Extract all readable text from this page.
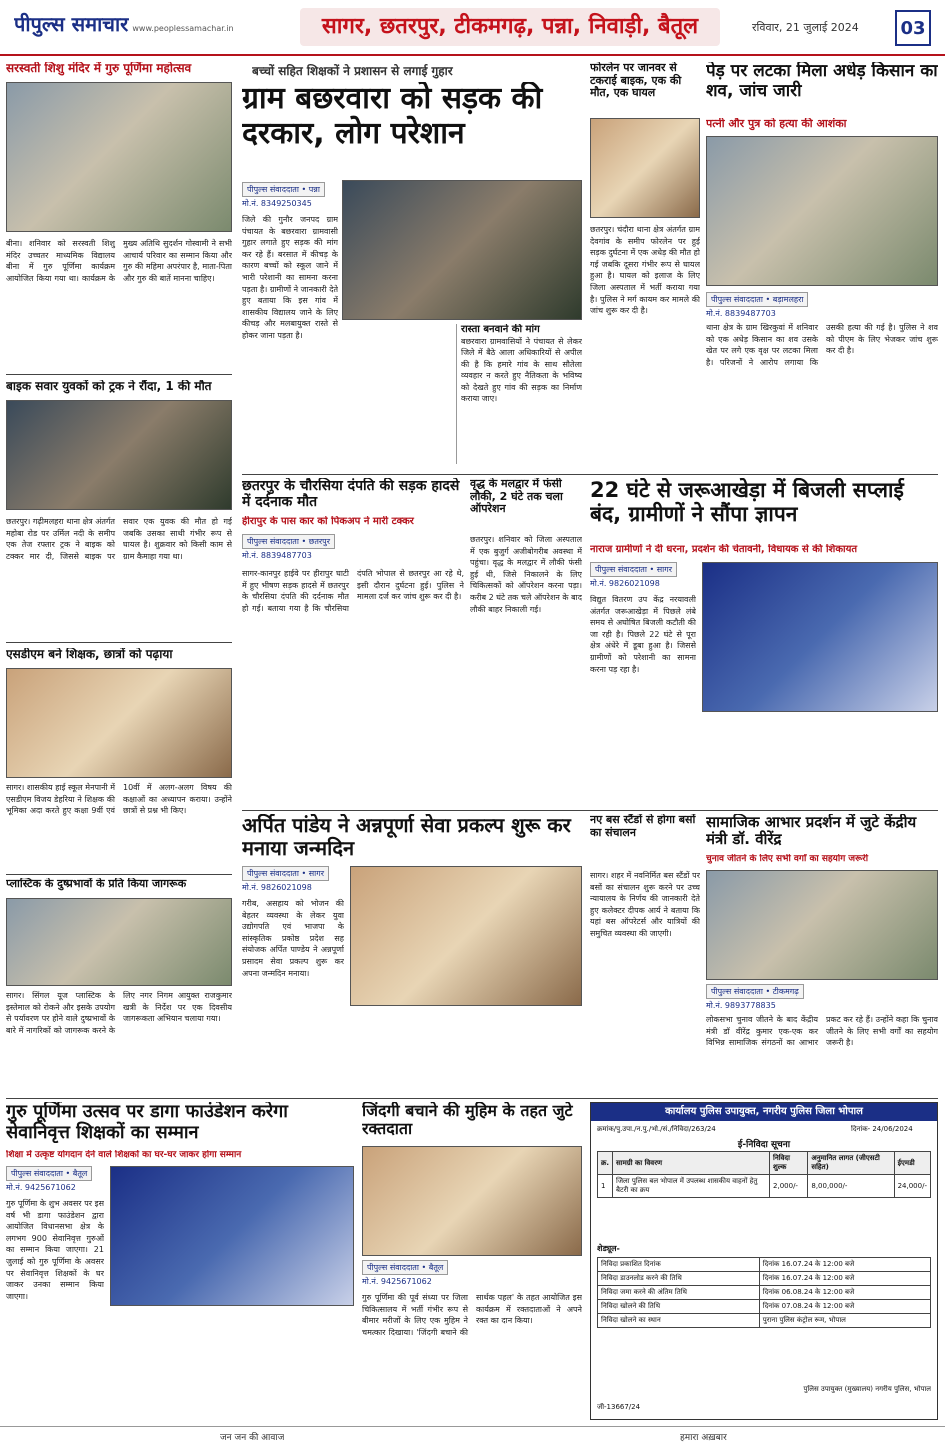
पीपुल्स समाचार www.peoplessamachar.in	सागर, छतरपुर, टीकमगढ़, पन्ना, निवाड़ी, बैतूल	रविवार, 21 जुलाई 2024	03
सरस्वती शिशु मंदिर में गुरु पूर्णिमा महोत्सव
बीना। शनिवार को सरस्वती शिशु मंदिर उच्चतर माध्यमिक विद्यालय बीना में गुरु पूर्णिमा कार्यक्रम आयोजित किया गया था। कार्यक्रम के मुख्य अतिथि सुदर्शन गोस्वामी ने सभी आचार्य परिवार का सम्मान किया और गुरु की महिमा अपरंपार है, माता-पिता और गुरु की बातें मानना चाहिए।
बाइक सवार युवकों को ट्रक ने रौंदा, 1 की मौत
छतरपुर। गढ़ीमलहरा थाना क्षेत्र अंतर्गत महोबा रोड पर उर्मिल नदी के समीप एक तेज रफ्तार ट्रक ने बाइक को टक्कर मार दी, जिससे बाइक पर सवार एक युवक की मौत हो गई जबकि उसका साथी गंभीर रूप से घायल है। शुक्रवार को किसी काम से ग्राम कैमाहा गया था।
एसडीएम बने शिक्षक, छात्रों को पढ़ाया
सागर। शासकीय हाई स्कूल मेनपानी में एसडीएम विजय डेहरिया ने शिक्षक की भूमिका अदा करते हुए कक्षा 9वीं एवं 10वीं में अलग-अलग विषय की कक्षाओं का अध्यापन कराया। उन्होंने छात्रों से प्रश्न भी किए।
प्लास्टिक के दुष्प्रभावों के प्रति किया जागरूक
सागर। सिंगल यूज प्लास्टिक के इस्तेमाल को रोकने और इसके उपयोग से पर्यावरण पर होने वाले दुष्प्रभावों के बारे में नागरिकों को जागरूक करने के लिए नगर निगम आयुक्त राजकुमार खत्री के निर्देश पर एक दिवसीय जागरूकता अभियान चलाया गया।
बच्चों सहित शिक्षकों ने प्रशासन से लगाई गुहार
ग्राम बछरवारा को सड़क की दरकार, लोग परेशान
पीपुल्स संवाददाता • पन्ना
मो.नं. 8349250345
जिले की गुनौर जनपद ग्राम पंचायत के बछरवारा ग्रामवासी गुहार लगाते हुए सड़क की मांग कर रहे हैं। बरसात में कीचड़ के कारण बच्चों को स्कूल जाने में भारी परेशानी का सामना करना पड़ता है। ग्रामीणों ने जानकारी देते हुए बताया कि इस गांव में शासकीय विद्यालय जाने के लिए कीचड़ और मलबायुक्त रास्ते से होकर जाना पड़ता है।
रास्ता बनवाने की मांग
बछरवारा ग्रामवासियों ने पंचायत से लेकर जिले में बैठे आला अधिकारियों से अपील की है कि हमारे गांव के साथ सौतेला व्यवहार न करते हुए नैतिकता के भविष्य को देखते हुए गांव की सड़क का निर्माण कराया जाए।
फोरलेन पर जानवर से टकराई बाइक, एक की मौत, एक घायल
छतरपुर। चंदौरा थाना क्षेत्र अंतर्गत ग्राम देवगांव के समीप फोरलेन पर हुई सड़क दुर्घटना में एक अधेड़ की मौत हो गई जबकि दूसरा गंभीर रूप से घायल हुआ है। घायल को इलाज के लिए जिला अस्पताल में भर्ती कराया गया है। पुलिस ने मर्ग कायम कर मामले की जांच शुरू कर दी है।
पेड़ पर लटका मिला अधेड़ किसान का शव, जांच जारी
पत्नी और पुत्र को हत्या की आशंका
पीपुल्स संवाददाता • बड़ामलहरा
मो.नं. 8839487703
थाना क्षेत्र के ग्राम खिरकुवां में शनिवार को एक अधेड़ किसान का शव उसके खेत पर लगे एक वृक्ष पर लटका मिला है। परिजनों ने आरोप लगाया कि उसकी हत्या की गई है। पुलिस ने शव को पीएम के लिए भेजकर जांच शुरू कर दी है।
छतरपुर के चौरसिया दंपति की सड़क हादसे में दर्दनाक मौत
हीरापुर के पास कार को पिकअप ने मारी टक्कर
पीपुल्स संवाददाता • छतरपुर
मो.नं. 8839487703
सागर-कानपुर हाईवे पर हीरापुर घाटी में हुए भीषण सड़क हादसे में छतरपुर के चौरसिया दंपति की दर्दनाक मौत हो गई। बताया गया है कि चौरसिया दंपति भोपाल से छतरपुर आ रहे थे, इसी दौरान दुर्घटना हुई। पुलिस ने मामला दर्ज कर जांच शुरू कर दी है।
वृद्ध के मलद्वार में फंसी लौकी, 2 घंटे तक चला ऑपरेशन
छतरपुर। शनिवार को जिला अस्पताल में एक बुजुर्ग अजीबोगरीब अवस्था में पहुंचा। वृद्ध के मलद्वार में लौकी फंसी हुई थी, जिसे निकालने के लिए चिकित्सकों को ऑपरेशन करना पड़ा। करीब 2 घंटे तक चले ऑपरेशन के बाद लौकी बाहर निकाली गई।
22 घंटे से जरूआखेड़ा में बिजली सप्लाई बंद, ग्रामीणों ने सौंपा ज्ञापन
नाराज ग्रामीणों ने दी धरना, प्रदर्शन की चेतावनी, विधायक से की शिकायत
पीपुल्स संवाददाता • सागर
मो.नं. 9826021098
विद्युत वितरण उप केंद्र नरयावली अंतर्गत जरूआखेड़ा में पिछले लंबे समय से अघोषित बिजली कटौती की जा रही है। पिछले 22 घंटे से पूरा क्षेत्र अंधेरे में डूबा हुआ है। जिससे ग्रामीणों को परेशानी का सामना करना पड़ रहा है।
अर्पित पांडेय ने अन्नपूर्णा सेवा प्रकल्प शुरू कर मनाया जन्मदिन
पीपुल्स संवाददाता • सागर
मो.नं. 9826021098
गरीब, असहाय को भोजन की बेहतर व्यवस्था के लेकर युवा उद्योगपति एवं भाजपा के सांस्कृतिक प्रकोष्ठ प्रदेश सह संयोजक अर्पित पाण्डेय ने अन्नपूर्णा प्रसादम सेवा प्रकल्प शुरू कर अपना जन्मदिन मनाया।
नए बस स्टैंडों से होगा बसों का संचालन
सागर। शहर में नवनिर्मित बस स्टैंडों पर बसों का संचालन शुरू करने पर उच्च न्यायालय के निर्णय की जानकारी देते हुए कलेक्टर दीपक आर्य ने बताया कि यहां बस ऑपरेटर्स और यात्रियों की समुचित व्यवस्था की जाएगी।
सामाजिक आभार प्रदर्शन में जुटे केंद्रीय मंत्री डॉ. वीरेंद्र
चुनाव जीतने के लिए सभी वर्गों का सहयोग जरूरी
पीपुल्स संवाददाता • टीकमगढ़
मो.नं. 9893778835
लोकसभा चुनाव जीतने के बाद केंद्रीय मंत्री डॉ वीरेंद्र कुमार एक-एक कर विभिन्न सामाजिक संगठनों का आभार प्रकट कर रहे हैं। उन्होंने कहा कि चुनाव जीतने के लिए सभी वर्गों का सहयोग जरूरी है।
गुरु पूर्णिमा उत्सव पर डागा फाउंडेशन करेगा सेवानिवृत्त शिक्षकों का सम्मान
शिक्षा में उत्कृष्ट योगदान देने वाले शिक्षकों का घर-घर जाकर होगा सम्मान
पीपुल्स संवाददाता • बैतूल
मो.नं. 9425671062
गुरु पूर्णिमा के शुभ अवसर पर इस वर्ष भी डागा फाउंडेशन द्वारा आयोजित विधानसभा क्षेत्र के लगभग 900 सेवानिवृत्त गुरुओं का सम्मान किया जाएगा। 21 जुलाई को गुरु पूर्णिमा के अवसर पर सेवानिवृत्त शिक्षकों के घर जाकर उनका सम्मान किया जाएगा।
जिंदगी बचाने की मुहिम के तहत जुटे रक्तदाता
पीपुल्स संवाददाता • बैतूल
मो.नं. 9425671062
गुरु पूर्णिमा की पूर्व संध्या पर जिला चिकित्सालय में भर्ती गंभीर रूप से बीमार मरीजों के लिए एक मुहिम ने चमत्कार दिखाया। 'जिंदगी बचाने की सार्थक पहल' के तहत आयोजित इस कार्यक्रम में रक्तदाताओं ने अपने रक्त का दान किया।
कार्यालय पुलिस उपायुक्त, नगरीय पुलिस जिला भोपाल
क्रमांक/पु.उपा./न.पु./भो./सं./निविदा/263/24	दिनांक- 24/06/2024
ई-निविदा सूचना
क्र.	सामग्री का विवरण	निविदा शुल्क	अनुमानित लागत (जीएसटी सहित)	ईएमडी
1	जिला पुलिस बल भोपाल में उपलब्ध शासकीय वाहनों हेतु बैटरी का क्रय	2,000/-	8,00,000/-	24,000/-
शेड्यूल-
निविदा प्रकाशित दिनांक	दिनांक 16.07.24 के 12:00 बजे
निविदा डाउनलोड करने की तिथि	दिनांक 16.07.24 के 12:00 बजे
निविदा जमा करने की अंतिम तिथि	दिनांक 06.08.24 के 12:00 बजे
निविदा खोलने की तिथि	दिनांक 07.08.24 के 12:00 बजे
निविदा खोलने का स्थान	पुराना पुलिस कंट्रोल रूम, भोपाल
पुलिस उपायुक्त (मुख्यालय) नगरीय पुलिस, भोपाल
जी-13667/24
जन जन की आवाज	हमारा अख़बार
